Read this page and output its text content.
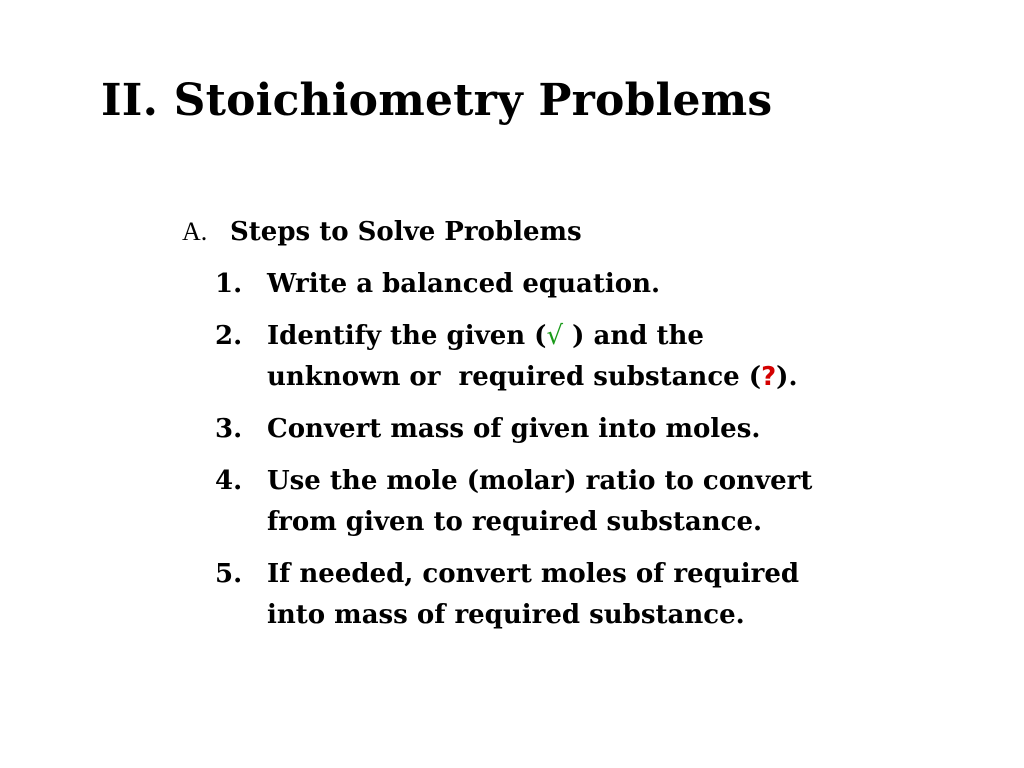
II. Stoichiometry Problems
A. Steps to Solve Problems
1. Write a balanced equation.
2. Identify the given (√ ) and the
unknown or  required substance (?).
3. Convert mass of given into moles.
4. Use the mole (molar) ratio to convert
from given to required substance.
5. If needed, convert moles of required
into mass of required substance.
